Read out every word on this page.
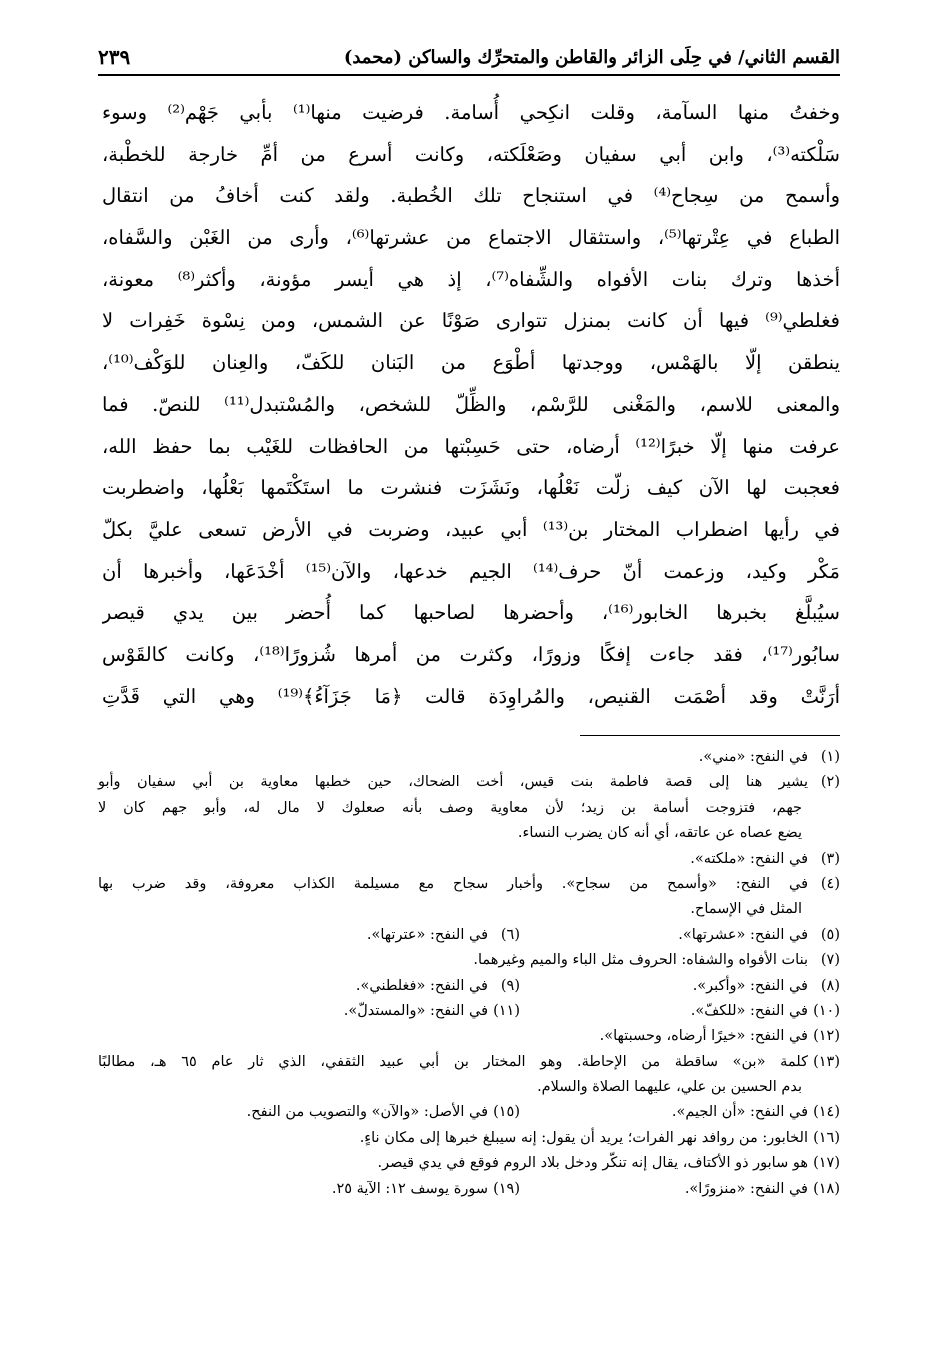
القسم الثاني/ في حِلَى الزائر والقاطن والمتحرِّك والساكن (محمد)
٢٣٩
وخفتُ منها السآمة، وقلت انكِحي أُسامة. فرضيت منها⁽¹⁾ بأبي جَهْم⁽²⁾ وسوء
سَلْكته⁽³⁾، وابن أبي سفيان وصَعْلَكته، وكانت أسرع من أمِّ خارجة للخطْبة،
وأسمح من سِجاح⁽⁴⁾ في استنجاح تلك الخُطبة. ولقد كنت أخافُ من انتقال
الطباع في عِتْرتها⁽⁵⁾، واستثقال الاجتماع من عشرتها⁽⁶⁾، وأرى من الغَبْن والسَّفاه،
أخذها وترك بنات الأفواه والشِّفاه⁽⁷⁾، إذ هي أيسر مؤونة، وأكثر⁽⁸⁾ معونة،
فغلطي⁽⁹⁾ فيها أن كانت بمنزل تتوارى صَوْنًا عن الشمس، ومن نِسْوة خَفِرات لا
ينطقن إلّا بالهَمْس، ووجدتها أطْوَع من البَنان للكَفّ، والعِنان للوَكْف⁽¹⁰⁾،
والمعنى للاسم، والمَغْنى للرَّسْم، والظِّلّ للشخص، والمُسْتبدل⁽¹¹⁾ للنصّ. فما
عرفت منها إلّا خبرًا⁽¹²⁾ أرضاه، حتى حَسِبْتها من الحافظات للغَيْب بما حفظ الله،
فعجبت لها الآن كيف زلّت نَعْلُها، ونَشَزَت فنشرت ما استَكْتَمها بَعْلُها، واضطربت
في رأيها اضطراب المختار بن⁽¹³⁾ أبي عبيد، وضربت في الأرض تسعى عليَّ بكلّ
مَكْر وكيد، وزعمت أنّ حرف⁽¹⁴⁾ الجيم خدعها، والآن⁽¹⁵⁾ أخْدَعَها، وأخبرها أن
سيُبلَّغ بخبرها الخابور⁽¹⁶⁾، وأحضرها لصاحبها كما أُحضر بين يدي قيصر
سابُور⁽¹⁷⁾، فقد جاءت إفكًا وزورًا، وكثرت من أمرها شُزورًا⁽¹⁸⁾، وكانت كالقَوْس
أرَنَّتْ وقد أصْمَت القنيص، والمُراوِدَة قالت ﴿مَا جَزَآءُ﴾⁽¹⁹⁾ وهي التي قَدَّتِ
(١)
في النفح: «مني».
(٢)
يشير هنا إلى قصة فاطمة بنت قيس، أخت الضحاك، حين خطبها معاوية بن أبي سفيان وأبو
جهم، فتزوجت أسامة بن زيد؛ لأن معاوية وصف بأنه صعلوك لا مال له، وأبو جهم كان لا
يضع عصاه عن عاتقه، أي أنه كان يضرب النساء.
(٣)
في النفح: «ملكته».
(٤)
في النفح: «وأسمح من سجاح». وأخبار سجاح مع مسيلمة الكذاب معروفة، وقد ضرب بها
المثل في الإسماح.
(٥)
في النفح: «عشرتها».
(٦)
في النفح: «عترتها».
(٧)
بنات الأفواه والشفاه: الحروف مثل الباء والميم وغيرهما.
(٨)
في النفح: «وأكبر».
(٩)
في النفح: «فغلطني».
(١٠)
في النفح: «للكفّ».
(١١)
في النفح: «والمستدلّ».
(١٢)
في النفح: «خيرًا أرضاه، وحسبتها».
(١٣)
كلمة «بن» ساقطة من الإحاطة. وهو المختار بن أبي عبيد الثقفي، الذي ثار عام ٦٥ هـ، مطالبًا
بدم الحسين بن علي، عليهما الصلاة والسلام.
(١٤)
في النفح: «أن الجيم».
(١٥)
في الأصل: «والآن» والتصويب من النفح.
(١٦)
الخابور: من روافد نهر الفرات؛ يريد أن يقول: إنه سيبلغ خبرها إلى مكان ناءٍ.
(١٧)
هو سابور ذو الأكتاف، يقال إنه تنكّر ودخل بلاد الروم فوقع في يدي قيصر.
(١٨)
في النفح: «منزورًا».
(١٩)
سورة يوسف ١٢: الآية ٢٥.
